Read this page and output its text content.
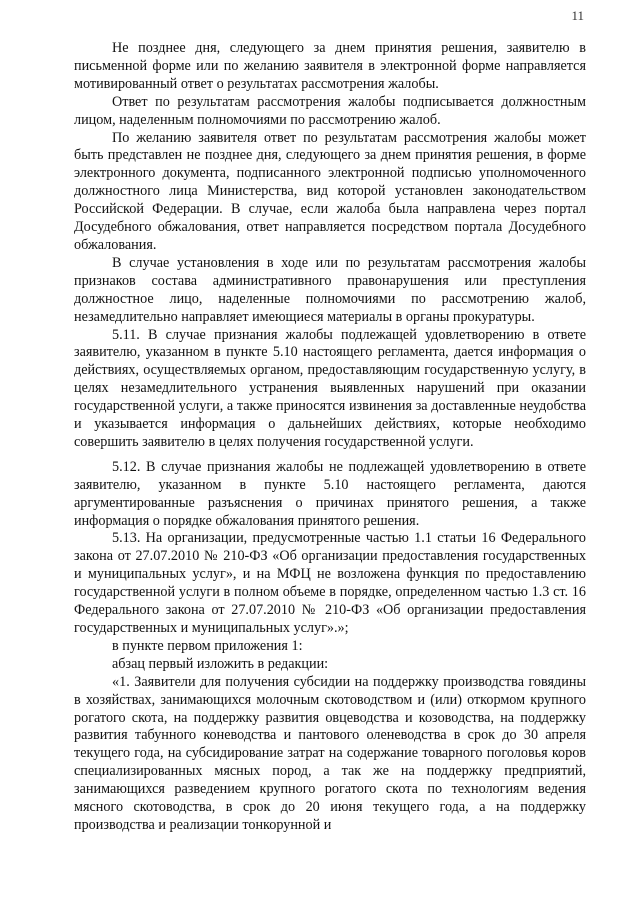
11

Не позднее дня, следующего за днем принятия решения, заявителю в письменной форме или по желанию заявителя в электронной форме направляется мотивированный ответ о результатах рассмотрения жалобы.

Ответ по результатам рассмотрения жалобы подписывается должностным лицом, наделенным полномочиями по рассмотрению жалоб.

По желанию заявителя ответ по результатам рассмотрения жалобы может быть представлен не позднее дня, следующего за днем принятия решения, в форме электронного документа, подписанного электронной подписью уполномоченного должностного лица Министерства, вид которой установлен законодательством Российской Федерации. В случае, если жалоба была направлена через портал Досудебного обжалования, ответ направляется посредством портала Досудебного обжалования.

В случае установления в ходе или по результатам рассмотрения жалобы признаков состава административного правонарушения или преступления должностное лицо, наделенные полномочиями по рассмотрению жалоб, незамедлительно направляет имеющиеся материалы в органы прокуратуры.

5.11. В случае признания жалобы подлежащей удовлетворению в ответе заявителю, указанном в пункте 5.10 настоящего регламента, дается информация о действиях, осуществляемых органом, предоставляющим государственную услугу, в целях незамедлительного устранения выявленных нарушений при оказании государственной услуги, а также приносятся извинения за доставленные неудобства и указывается информация о дальнейших действиях, которые необходимо совершить заявителю в целях получения государственной услуги.

5.12. В случае признания жалобы не подлежащей удовлетворению в ответе заявителю, указанном в пункте 5.10 настоящего регламента, даются аргументированные разъяснения о причинах принятого решения, а также информация о порядке обжалования принятого решения.

5.13. На организации, предусмотренные частью 1.1 статьи 16 Федерального закона от 27.07.2010 № 210-ФЗ «Об организации предоставления государственных и муниципальных услуг», и на МФЦ не возложена функция по предоставлению государственной услуги в полном объеме в порядке, определенном частью 1.3 ст. 16 Федерального закона от 27.07.2010 № 210-ФЗ «Об организации предоставления государственных и муниципальных услуг».»;

в пункте первом приложения 1:

абзац первый изложить в редакции:

«1. Заявители для получения субсидии на поддержку производства говядины в хозяйствах, занимающихся молочным скотоводством и (или) откормом крупного рогатого скота, на поддержку развития овцеводства и козоводства, на поддержку развития табунного коневодства и пантового оленеводства в срок до 30 апреля текущего года, на субсидирование затрат на содержание товарного поголовья коров специализированных мясных пород, а так же на поддержку предприятий, занимающихся разведением крупного рогатого скота по технологиям ведения мясного скотоводства, в срок до 20 июня текущего года, а на поддержку производства и реализации тонкорунной и
